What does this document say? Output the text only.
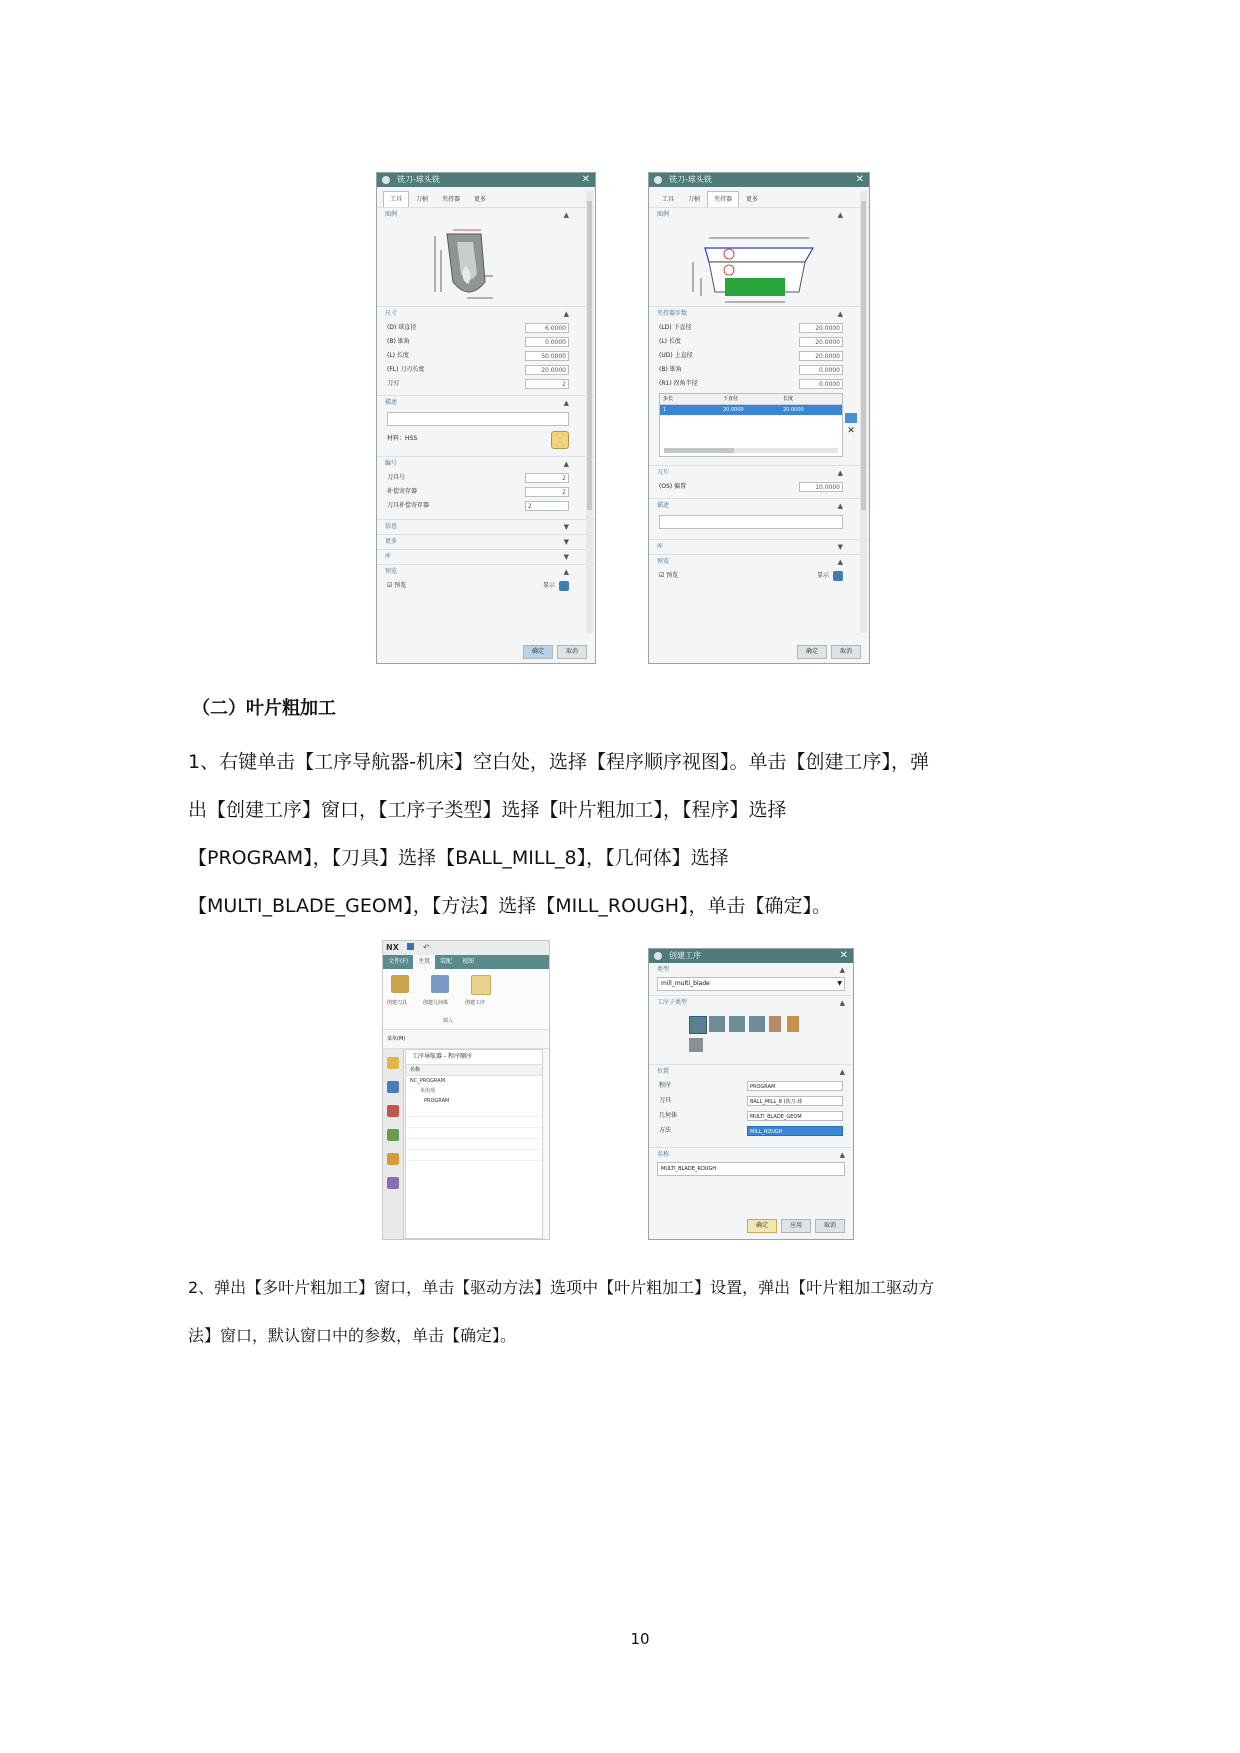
铣刀-球头铣	✕
工具	刀柄	夹持器	更多
图例	▲
尺寸	▲
(D) 球直径	6.0000
(B) 锥角	0.0000
(L) 长度	50.0000
(FL) 刀刃长度	20.0000
刀刃	2
描述	▲
材料：HSS
编号	▲
刀具号	2
补偿寄存器	2
刀具补偿寄存器	2
信息	▼
更多	▼
库	▼
预览	▲
☑ 预览	显示
确定	取消
铣刀-球头铣	✕
工具	刀柄	夹持器	更多
图例	▲
夹持器步数	▲
(LD) 下直径	20.0000
(L) 长度	20.0000
(UD) 上直径	20.0000
(B) 锥角	0.0000
(R1) 拐角半径	0.0000
步长	下直径	长度
1	20.0000	20.0000
✕
刀片	▲
(OS) 偏置	10.0000
描述	▲
库	▼
预览	▲
☑ 预览	显示
确定	取消
（二）叶片粗加工
1、右键单击【工序导航器-机床】空白处，选择【程序顺序视图】。单击【创建工序】，弹
出【创建工序】窗口，【工序子类型】选择【叶片粗加工】，【程序】选择
【PROGRAM】，【刀具】选择【BALL_MILL_8】，【几何体】选择
【MULTI_BLADE_GEOM】，【方法】选择【MILL_ROUGH】，单击【确定】。
NX	↶
文件(F)	主页	装配	视图
创建刀具	创建几何体	创建工序
插入
菜单(M)
工序导航器 - 程序顺序
名称
NC_PROGRAM
未用项
PROGRAM
创建工序	✕
类型	▲
mill_multi_blade	▼
工序子类型	▲
位置	▲
程序	PROGRAM
刀具	BALL_MILL_8 (铣刀-球
几何体	MULTI_BLADE_GEOM
方法	MILL_ROUGH
名称	▲
MULTI_BLADE_ROUGH
确定	应用	取消
2、弹出【多叶片粗加工】窗口，单击【驱动方法】选项中【叶片粗加工】设置，弹出【叶片粗加工驱动方
法】窗口，默认窗口中的参数，单击【确定】。
10
